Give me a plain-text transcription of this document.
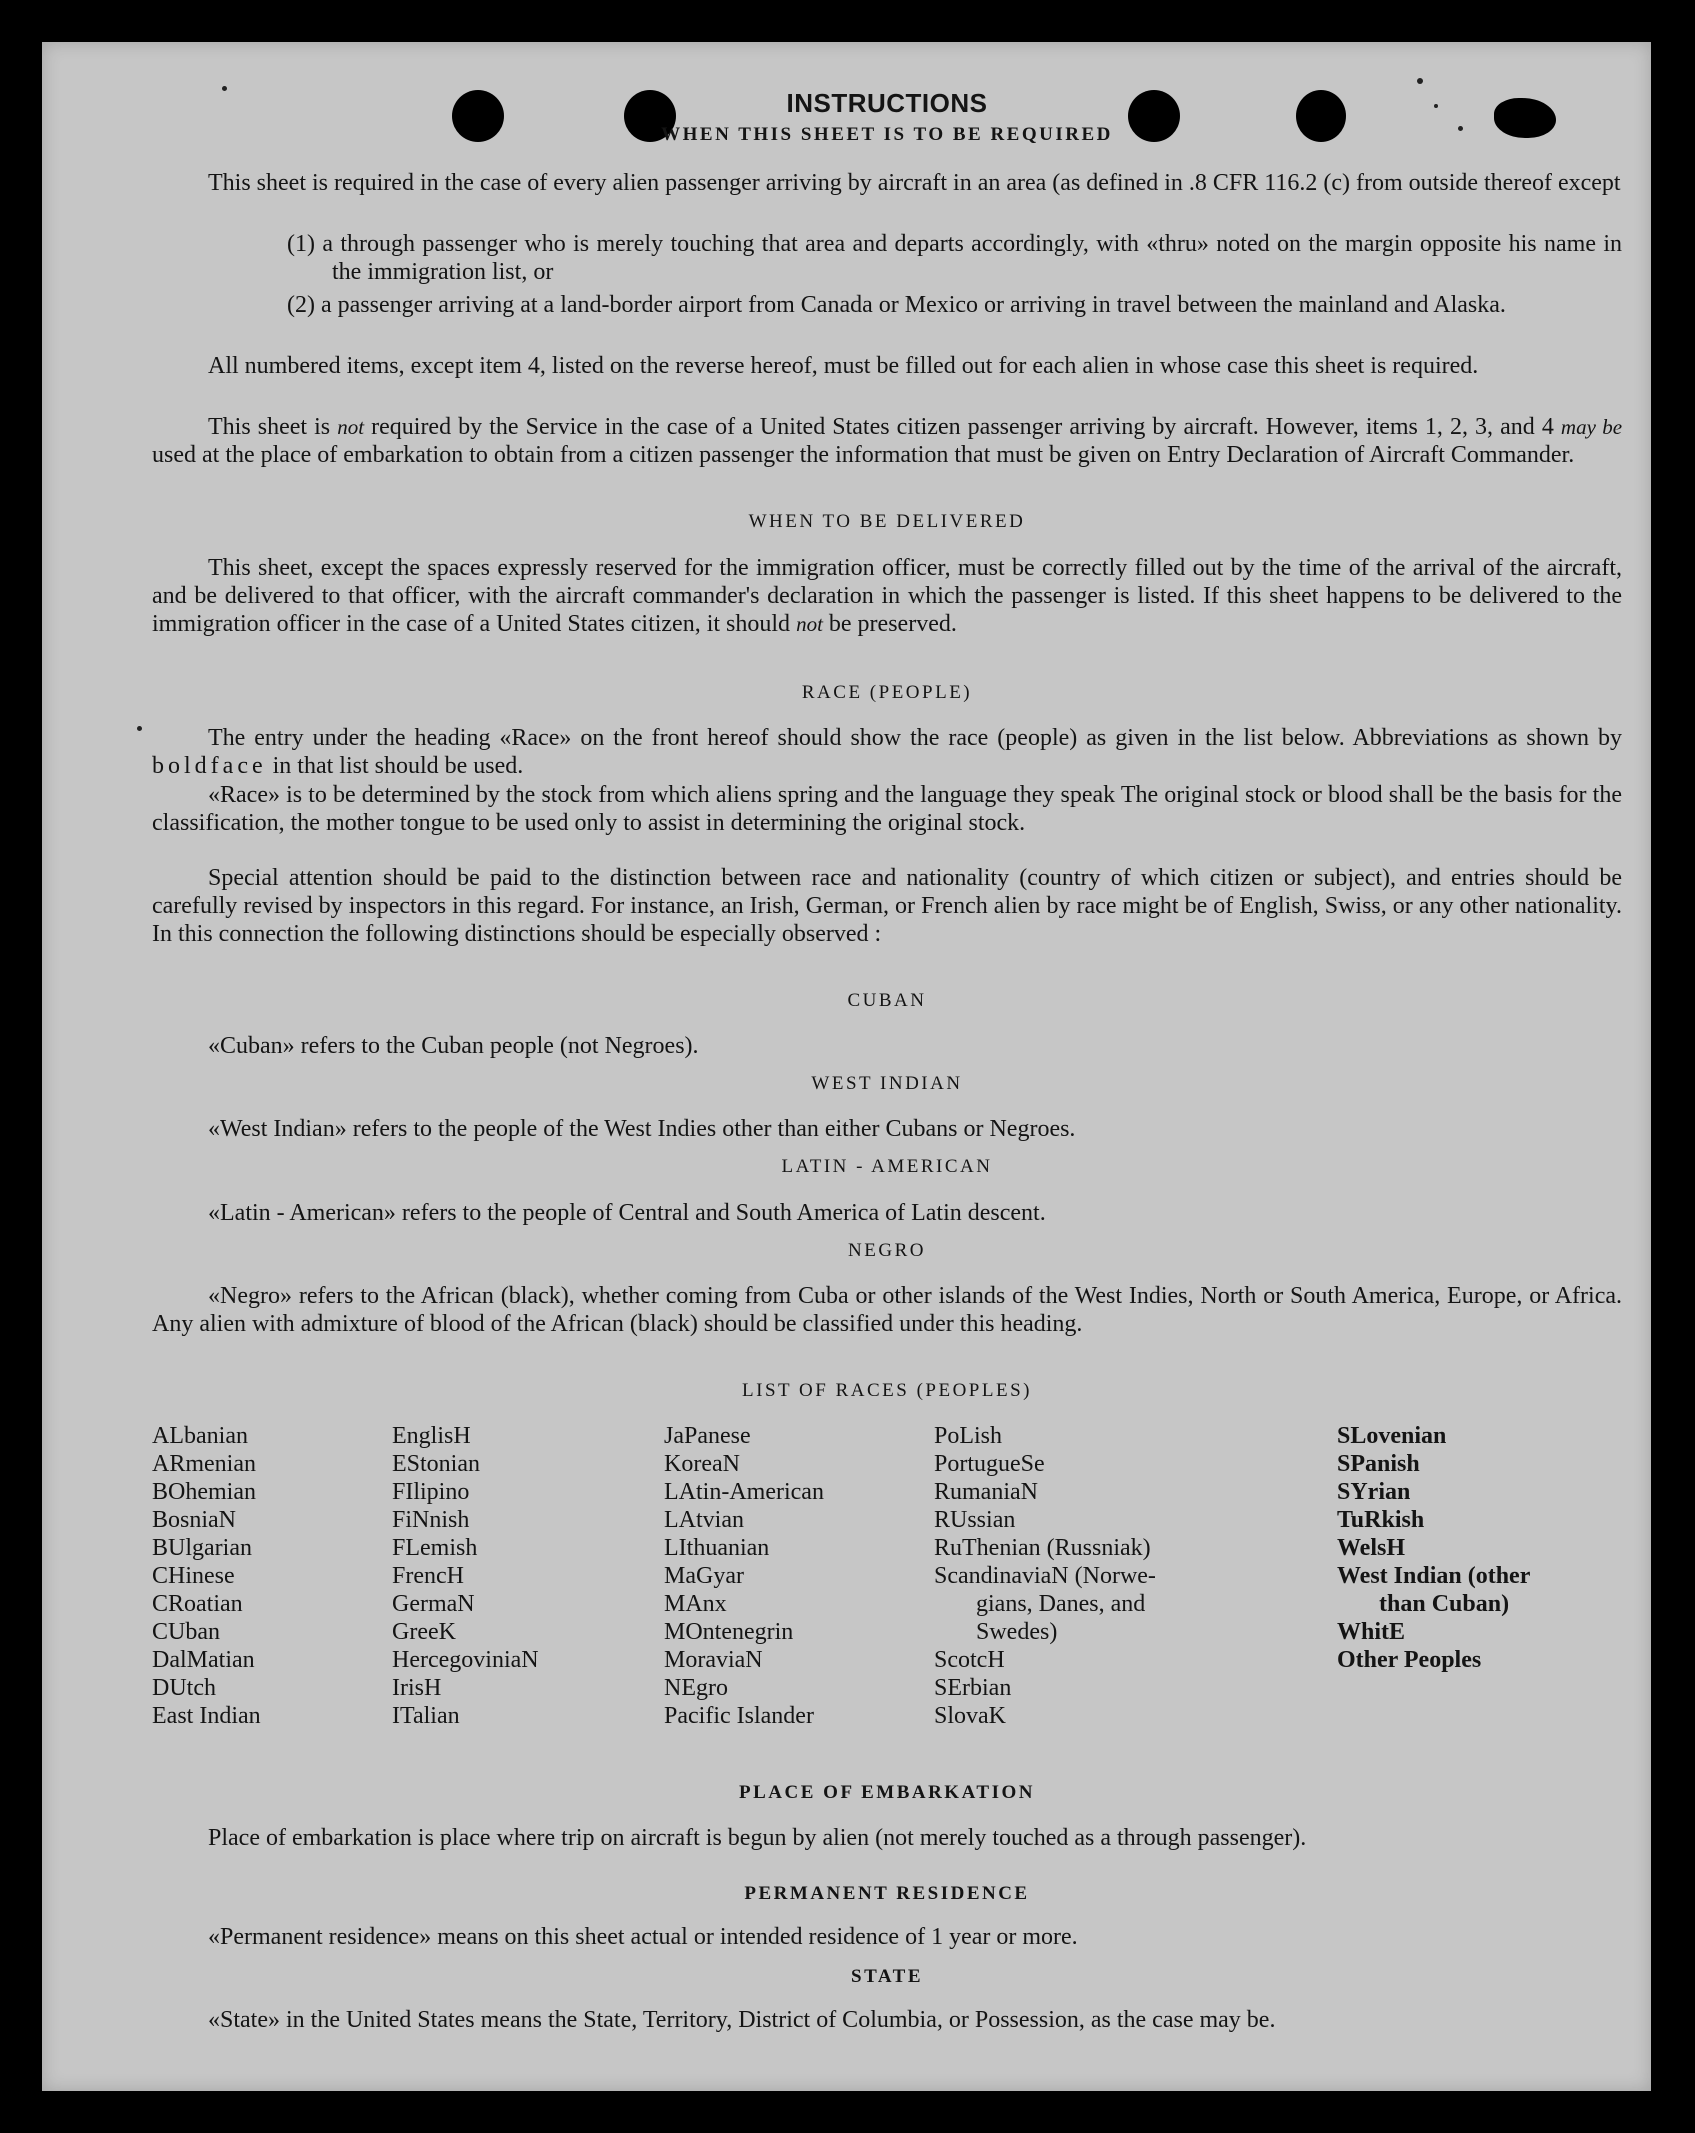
INSTRUCTIONS
WHEN THIS SHEET IS TO BE REQUIRED

This sheet is required in the case of every alien passenger arriving by aircraft in an area (as defined in .8 CFR 116.2 (c) from outside thereof except

(1) a through passenger who is merely touching that area and departs accordingly, with «thru» noted on the margin opposite his name in the immigration list, or
(2) a passenger arriving at a land-border airport from Canada or Mexico or arriving in travel between the mainland and Alaska.

All numbered items, except item 4, listed on the reverse hereof, must be filled out for each alien in whose case this sheet is required.

This sheet is not required by the Service in the case of a United States citizen passenger arriving by aircraft. However, items 1, 2, 3, and 4 may be used at the place of embarkation to obtain from a citizen passenger the information that must be given on Entry Declaration of Aircraft Commander.

WHEN TO BE DELIVERED

This sheet, except the spaces expressly reserved for the immigration officer, must be correctly filled out by the time of the arrival of the aircraft, and be delivered to that officer, with the aircraft commander's declaration in which the passenger is listed. If this sheet happens to be delivered to the immigration officer in the case of a United States citizen, it should not be preserved.

RACE (PEOPLE)

The entry under the heading «Race» on the front hereof should show the race (people) as given in the list below. Abbreviations as shown by boldface in that list should be used.

«Race» is to be determined by the stock from which aliens spring and the language they speak The original stock or blood shall be the basis for the classification, the mother tongue to be used only to assist in determining the original stock.

Special attention should be paid to the distinction between race and nationality (country of which citizen or subject), and entries should be carefully revised by inspectors in this regard. For instance, an Irish, German, or French alien by race might be of English, Swiss, or any other nationality. In this connection the following distinctions should be especially observed :

CUBAN

«Cuban» refers to the Cuban people (not Negroes).

WEST INDIAN

«West Indian» refers to the people of the West Indies other than either Cubans or Negroes.

LATIN - AMERICAN

«Latin - American» refers to the people of Central and South America of Latin descent.

NEGRO

«Negro» refers to the African (black), whether coming from Cuba or other islands of the West Indies, North or South America, Europe, or Africa. Any alien with admixture of blood of the African (black) should be classified under this heading.

LIST OF RACES (PEOPLES)
ALbanian
ARmenian
BOhemian
BosniaN
BUlgarian
CHinese
CRoatian
CUban
DalMatian
DUtch
East Indian
EnglisH
EStonian
FIlipino
FiNnish
FLemish
FrencH
GermaN
GreeK
HercegoviniaN
IrisH
ITalian
JaPanese
KoreaN
LAtin-American
LAtvian
LIthuanian
MaGyar
MAnx
MOntenegrin
MoraviaN
NEgro
Pacific Islander
PoLish
PortugueSe
RumaniaN
RUssian
RuThenian (Russniak)
ScandinaviaN (Norwe-
gians, Danes, and
Swedes)
ScotcH
SErbian
SlovaK
SLovenian
SPanish
SYrian
TuRkish
WelsH
West Indian (other
than Cuban)
WhitE
Other Peoples
PLACE OF EMBARKATION

Place of embarkation is place where trip on aircraft is begun by alien (not merely touched as a through passenger).

PERMANENT RESIDENCE

«Permanent residence» means on this sheet actual or intended residence of 1 year or more.

STATE

«State» in the United States means the State, Territory, District of Columbia, or Possession, as the case may be.
